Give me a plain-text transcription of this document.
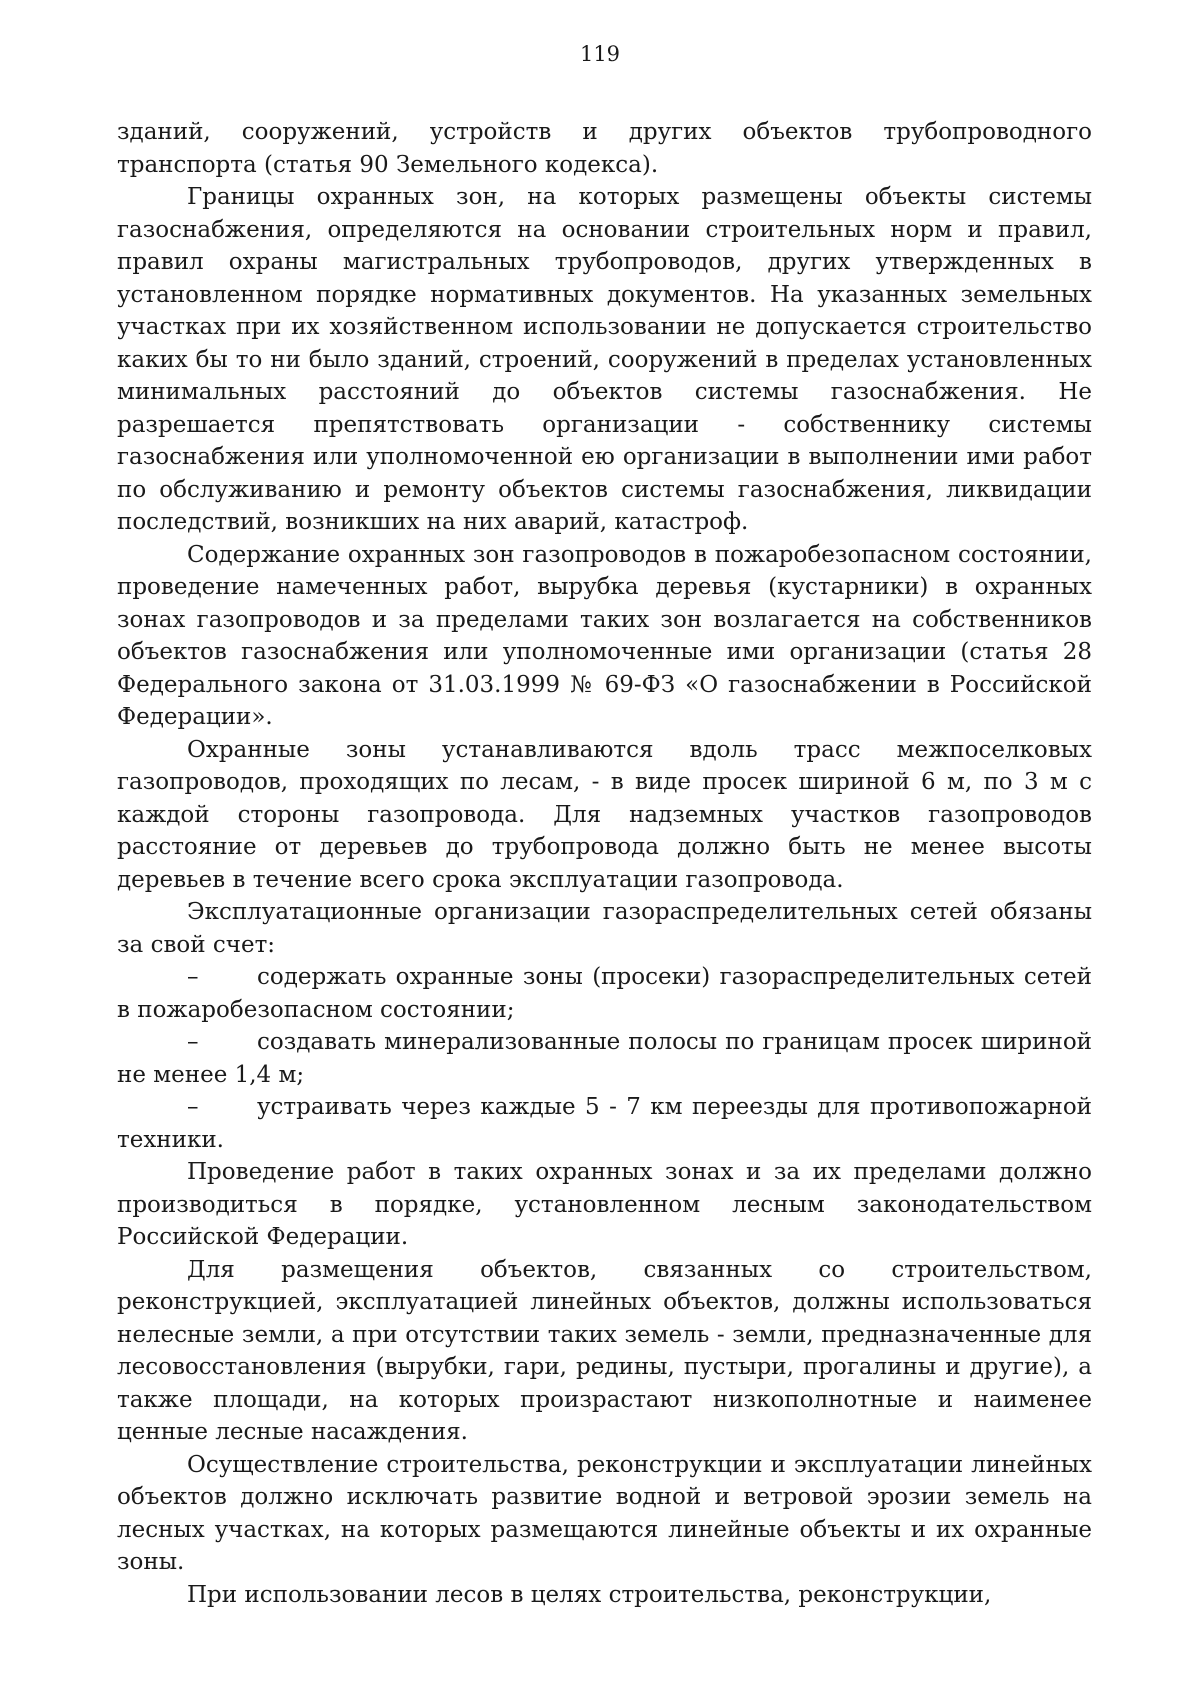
119

зданий, сооружений, устройств и других объектов трубопроводного транспорта (статья 90 Земельного кодекса).

Границы охранных зон, на которых размещены объекты системы газоснабжения, определяются на основании строительных норм и правил, правил охраны магистральных трубопроводов, других утвержденных в установленном порядке нормативных документов. На указанных земельных участках при их хозяйственном использовании не допускается строительство каких бы то ни было зданий, строений, сооружений в пределах установленных минимальных расстояний до объектов системы газоснабжения. Не разрешается препятствовать организации - собственнику системы газоснабжения или уполномоченной ею организации в выполнении ими работ по обслуживанию и ремонту объектов системы газоснабжения, ликвидации последствий, возникших на них аварий, катастроф.

Содержание охранных зон газопроводов в пожаробезопасном состоянии, проведение намеченных работ, вырубка деревья (кустарники) в охранных зонах газопроводов и за пределами таких зон возлагается на собственников объектов газоснабжения или уполномоченные ими организации (статья 28 Федерального закона от 31.03.1999 № 69-ФЗ «О газоснабжении в Российской Федерации».

Охранные зоны устанавливаются вдоль трасс межпоселковых газопроводов, проходящих по лесам, - в виде просек шириной 6 м, по 3 м с каждой стороны газопровода. Для надземных участков газопроводов расстояние от деревьев до трубопровода должно быть не менее высоты деревьев в течение всего срока эксплуатации газопровода.

Эксплуатационные организации газораспределительных сетей обязаны за свой счет:

–	содержать охранные зоны (просеки) газораспределительных сетей в пожаробезопасном состоянии;

–	создавать минерализованные полосы по границам просек шириной не менее 1,4 м;

–	устраивать через каждые 5 - 7 км переезды для противопожарной техники.

Проведение работ в таких охранных зонах и за их пределами должно производиться в порядке, установленном лесным законодательством Российской Федерации.

Для размещения объектов, связанных со строительством, реконструкцией, эксплуатацией линейных объектов, должны использоваться нелесные земли, а при отсутствии таких земель - земли, предназначенные для лесовосстановления (вырубки, гари, редины, пустыри, прогалины и другие), а также площади, на которых произрастают низкополнотные и наименее ценные лесные насаждения.

Осуществление строительства, реконструкции и эксплуатации линейных объектов должно исключать развитие водной и ветровой эрозии земель на лесных участках, на которых размещаются линейные объекты и их охранные зоны.

При использовании лесов в целях строительства, реконструкции,
